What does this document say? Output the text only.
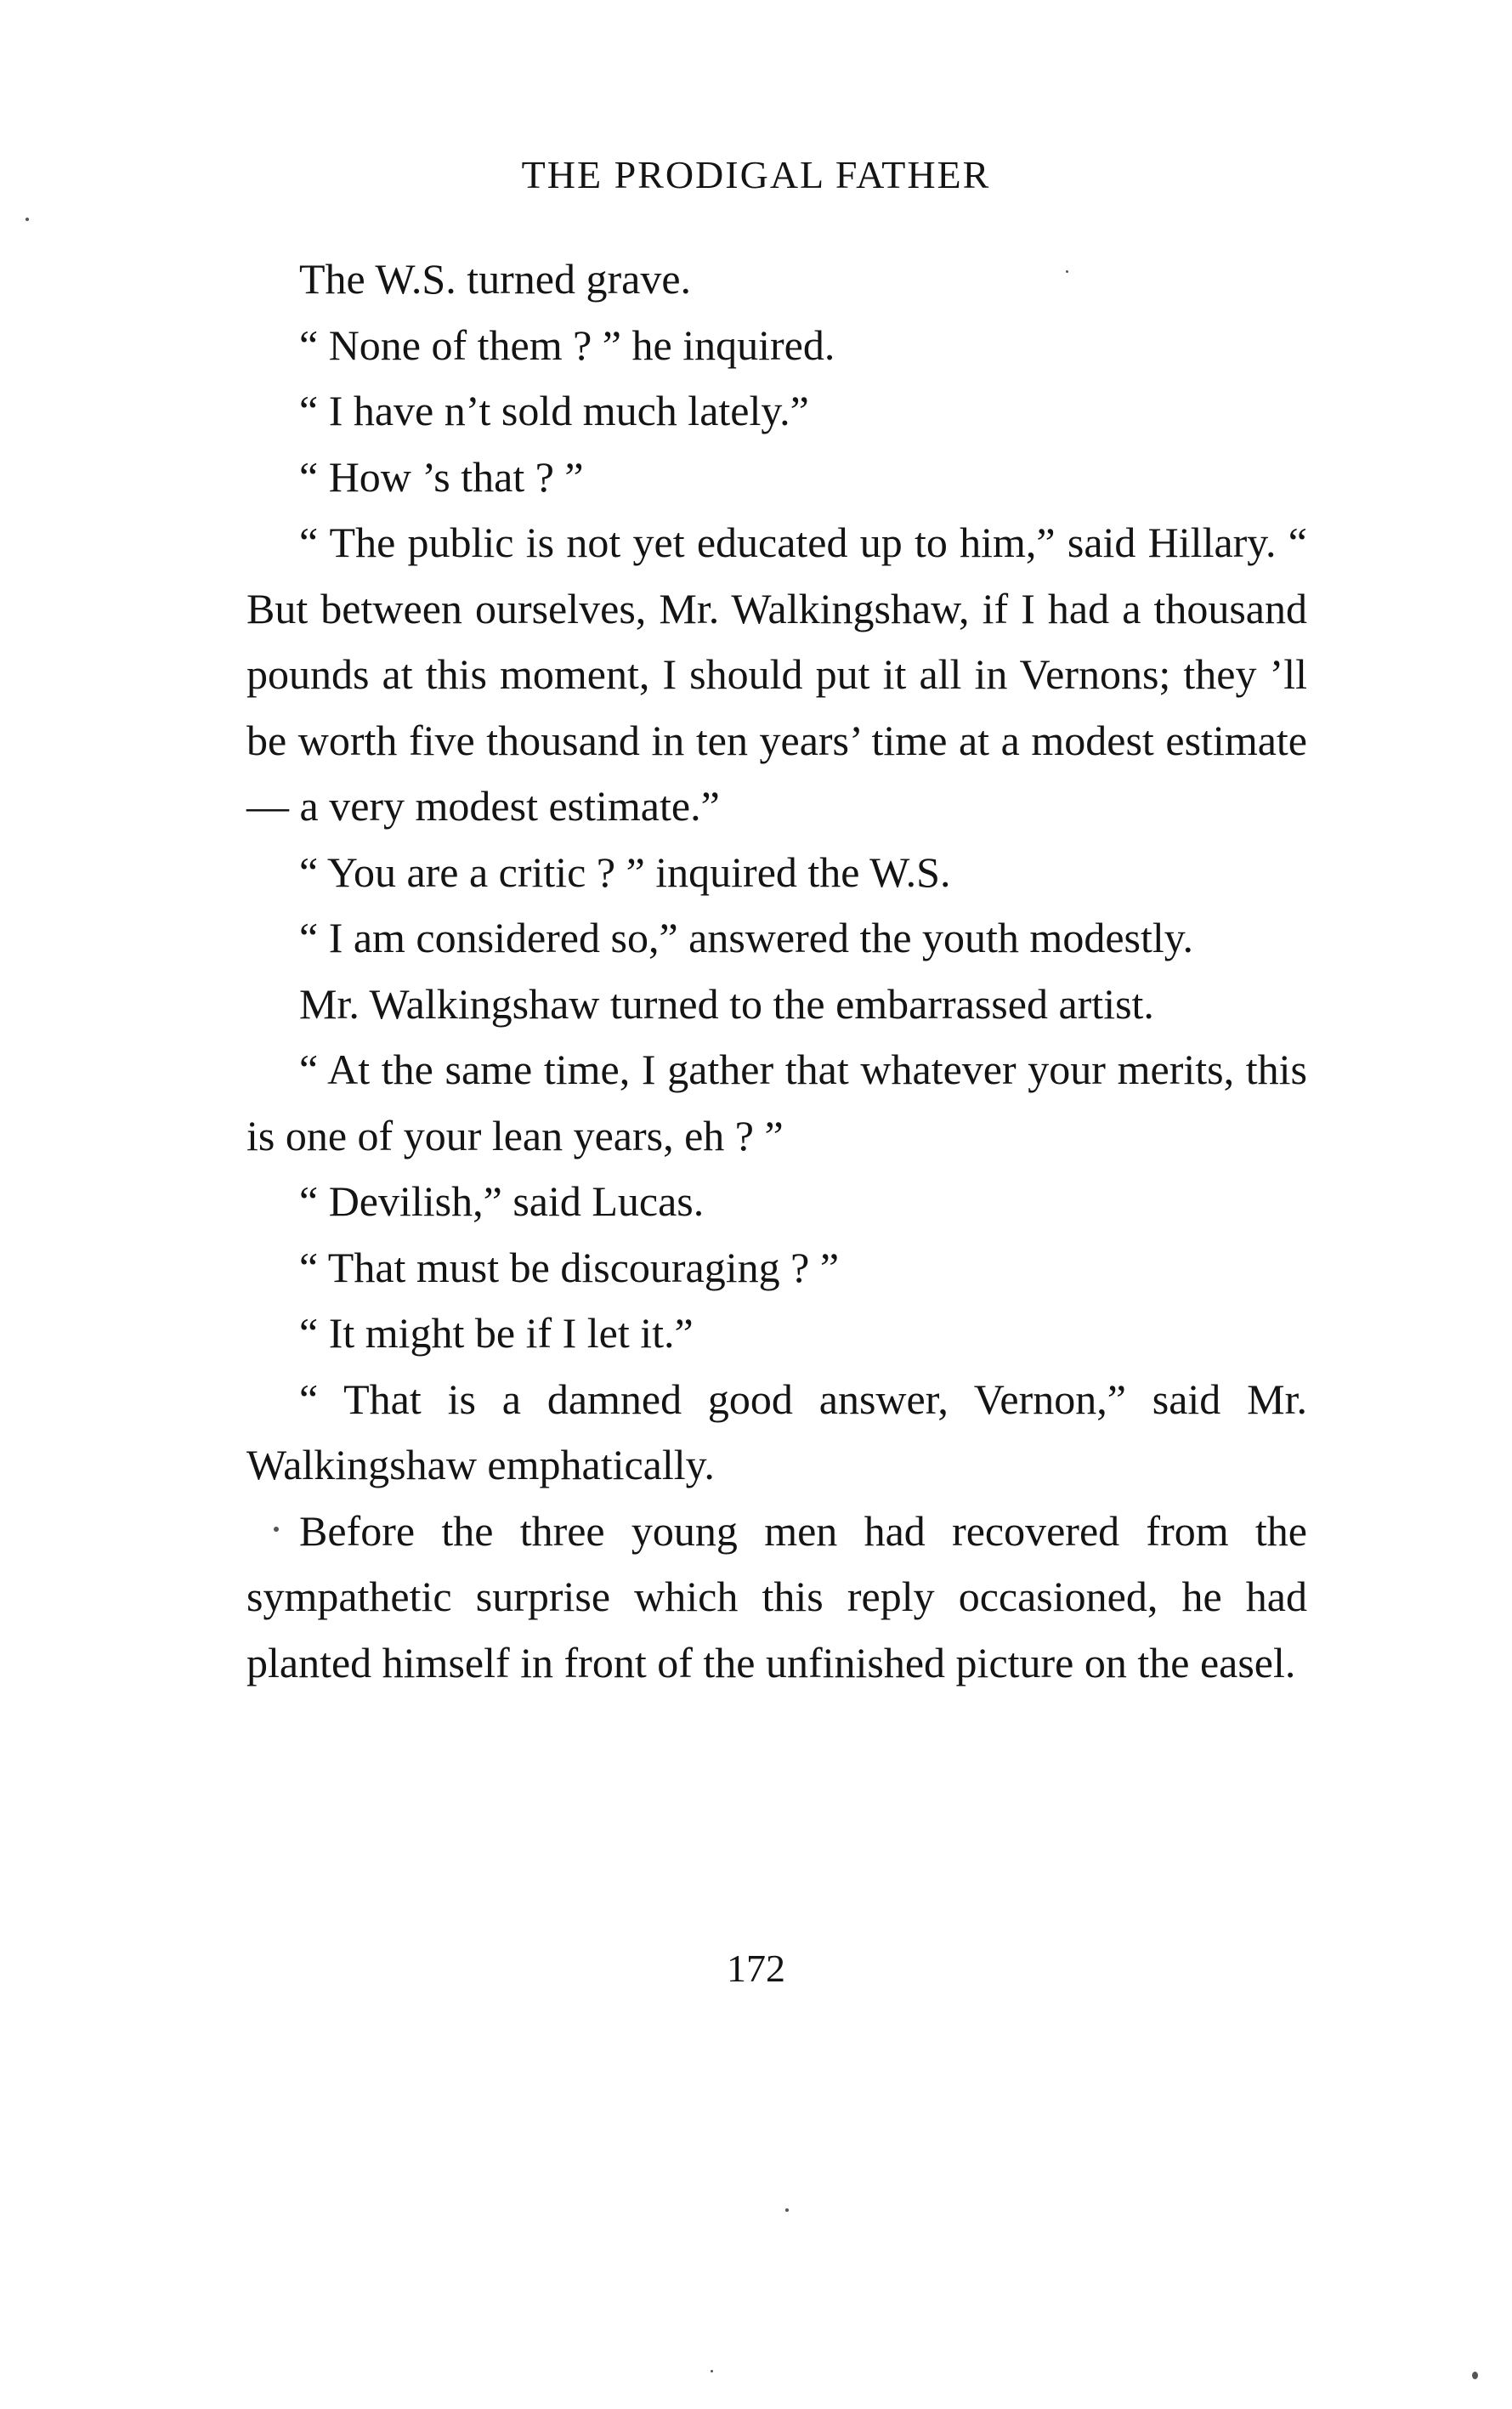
THE PRODIGAL FATHER

The W.S. turned grave.

“ None of them ? ” he inquired.

“ I have n’t sold much lately.”

“ How ’s that ? ”

“ The public is not yet educated up to him,” said Hillary. “ But between ourselves, Mr. Walkingshaw, if I had a thousand pounds at this moment, I should put it all in Vernons; they ’ll be worth five thousand in ten years’ time at a modest estimate — a very modest estimate.”

“ You are a critic ? ” inquired the W.S.

“ I am considered so,” answered the youth modestly.

Mr. Walkingshaw turned to the embarrassed artist.

“ At the same time, I gather that whatever your merits, this is one of your lean years, eh ? ”

“ Devilish,” said Lucas.

“ That must be discouraging ? ”

“ It might be if I let it.”

“ That is a damned good answer, Vernon,” said Mr. Walkingshaw emphatically.

Before the three young men had recovered from the sympathetic surprise which this reply occasioned, he had planted himself in front of the unfinished picture on the easel.

172
